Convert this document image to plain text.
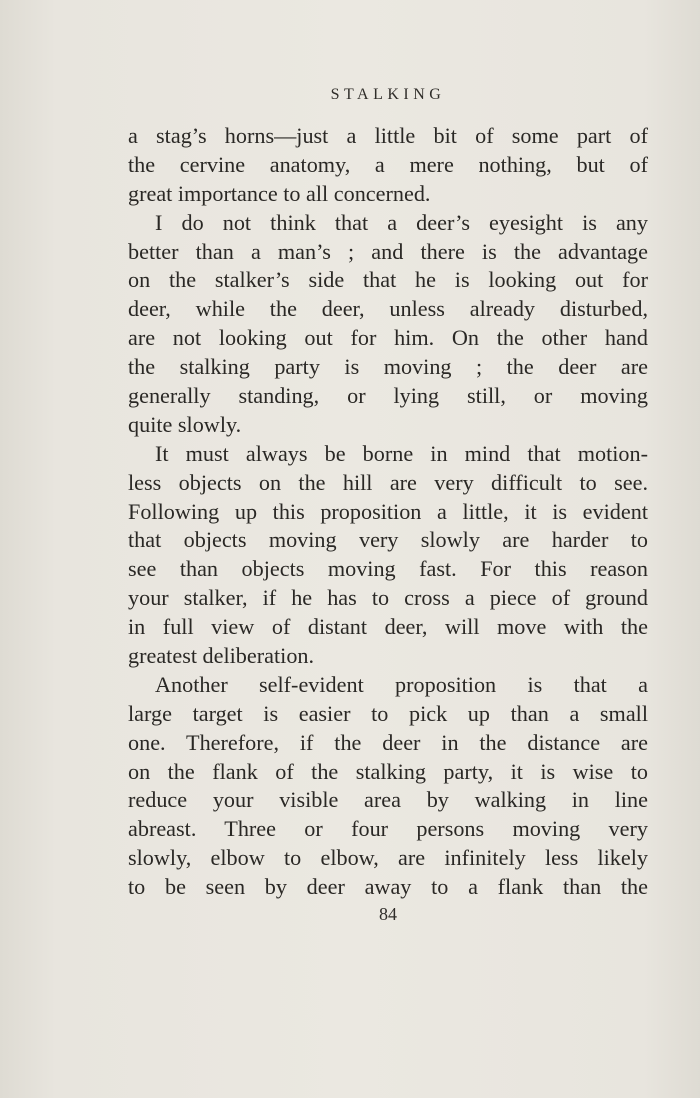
STALKING
a stag’s horns—just a little bit of some part of
the cervine anatomy, a mere nothing, but of
great importance to all concerned.
I do not think that a deer’s eyesight is any
better than a man’s ; and there is the advantage
on the stalker’s side that he is looking out for
deer, while the deer, unless already disturbed,
are not looking out for him. On the other hand
the stalking party is moving ; the deer are
generally standing, or lying still, or moving
quite slowly.
It must always be borne in mind that motion-
less objects on the hill are very difficult to see.
Following up this proposition a little, it is evident
that objects moving very slowly are harder to
see than objects moving fast. For this reason
your stalker, if he has to cross a piece of ground
in full view of distant deer, will move with the
greatest deliberation.
Another self-evident proposition is that a
large target is easier to pick up than a small
one. Therefore, if the deer in the distance are
on the flank of the stalking party, it is wise to
reduce your visible area by walking in line
abreast. Three or four persons moving very
slowly, elbow to elbow, are infinitely less likely
to be seen by deer away to a flank than the
84
